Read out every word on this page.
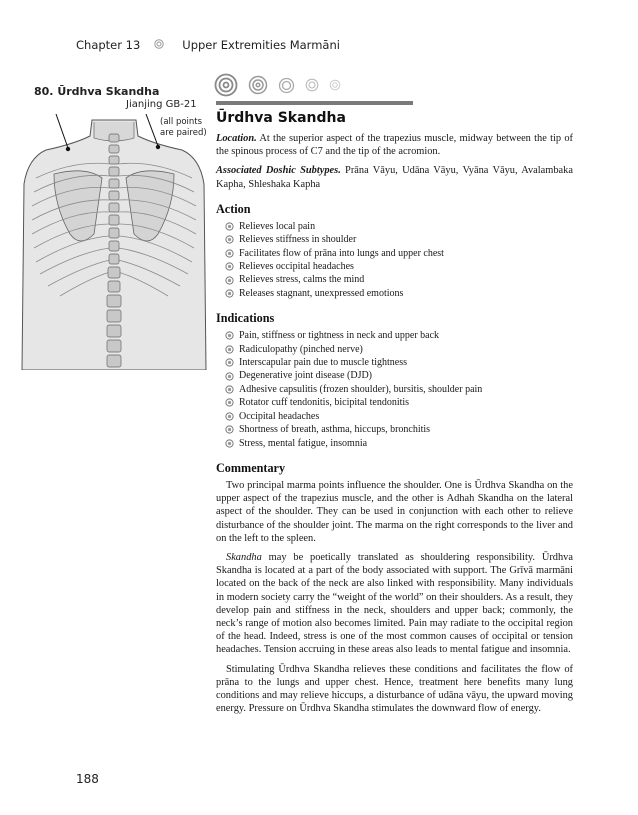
Chapter 13	Upper Extremities Marmāni
80. Ūrdhva Skandha
Jianjing GB-21
(all points are paired)
Ūrdhva Skandha

Location. At the superior aspect of the trapezius muscle, midway between the tip of the spinous process of C7 and the tip of the acromion.

Associated Doshic Subtypes. Prāna Vāyu, Udāna Vāyu, Vyāna Vāyu, Avalambaka Kapha, Shleshaka Kapha

Action
Relieves local pain
Relieves stiffness in shoulder
Facilitates flow of prāna into lungs and upper chest
Relieves occipital headaches
Relieves stress, calms the mind
Releases stagnant, unexpressed emotions
Indications
Pain, stiffness or tightness in neck and upper back
Radiculopathy (pinched nerve)
Interscapular pain due to muscle tightness
Degenerative joint disease (DJD)
Adhesive capsulitis (frozen shoulder), bursitis, shoulder pain
Rotator cuff tendonitis, bicipital tendonitis
Occipital headaches
Shortness of breath, asthma, hiccups, bronchitis
Stress, mental fatigue, insomnia
Commentary

Two principal marma points influence the shoulder. One is Ūrdhva Skandha on the upper aspect of the trapezius muscle, and the other is Adhah Skandha on the lateral aspect of the shoulder. They can be used in conjunction with each other to relieve disturbance of the shoulder joint. The marma on the right corresponds to the liver and on the left to the spleen.

Skandha may be poetically translated as shouldering responsibility. Ūrdhva Skandha is located at a part of the body associated with support. The Grīvā marmāni located on the back of the neck are also linked with responsibility. Many individuals in modern society carry the “weight of the world” on their shoulders. As a result, they develop pain and stiffness in the neck, shoulders and upper back; commonly, the neck’s range of motion also becomes limited. Pain may radiate to the occipital region of the head. Indeed, stress is one of the most common causes of occipital or tension headaches. Tension accruing in these areas also leads to mental fatigue and insomnia.

Stimulating Ūrdhva Skandha relieves these conditions and facilitates the flow of prāna to the lungs and upper chest. Hence, treatment here benefits many lung conditions and may relieve hiccups, a disturbance of udāna vāyu, the upward moving energy. Pressure on Ūrdhva Skandha stimulates the downward flow of energy.

188
